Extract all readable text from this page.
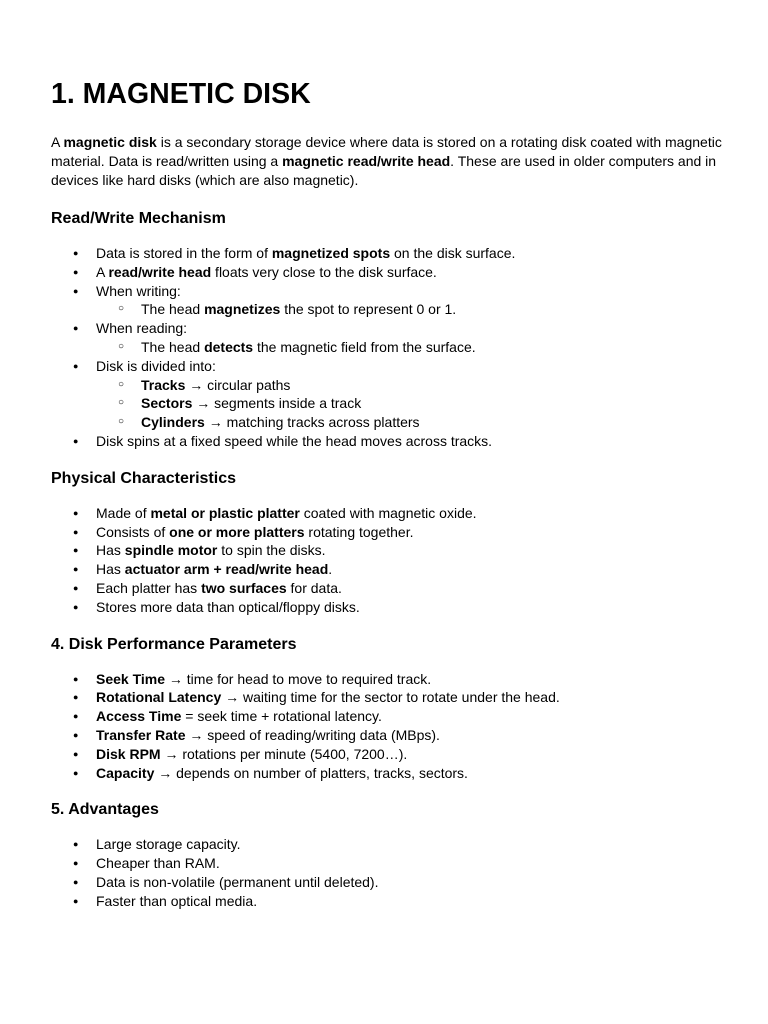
1. MAGNETIC DISK

A magnetic disk is a secondary storage device where data is stored on a rotating disk coated with magnetic material. Data is read/written using a magnetic read/write head. These are used in older computers and in devices like hard disks (which are also magnetic).

Read/Write Mechanism
● Data is stored in the form of magnetized spots on the disk surface.
● A read/write head floats very close to the disk surface.
● When writing:
○ The head magnetizes the spot to represent 0 or 1.
● When reading:
○ The head detects the magnetic field from the surface.
● Disk is divided into:
○ Tracks → circular paths
○ Sectors → segments inside a track
○ Cylinders → matching tracks across platters
● Disk spins at a fixed speed while the head moves across tracks.
Physical Characteristics
● Made of metal or plastic platter coated with magnetic oxide.
● Consists of one or more platters rotating together.
● Has spindle motor to spin the disks.
● Has actuator arm + read/write head.
● Each platter has two surfaces for data.
● Stores more data than optical/floppy disks.
4. Disk Performance Parameters
● Seek Time → time for head to move to required track.
● Rotational Latency → waiting time for the sector to rotate under the head.
● Access Time = seek time + rotational latency.
● Transfer Rate → speed of reading/writing data (MBps).
● Disk RPM → rotations per minute (5400, 7200…).
● Capacity → depends on number of platters, tracks, sectors.
5. Advantages
● Large storage capacity.
● Cheaper than RAM.
● Data is non-volatile (permanent until deleted).
● Faster than optical media.
